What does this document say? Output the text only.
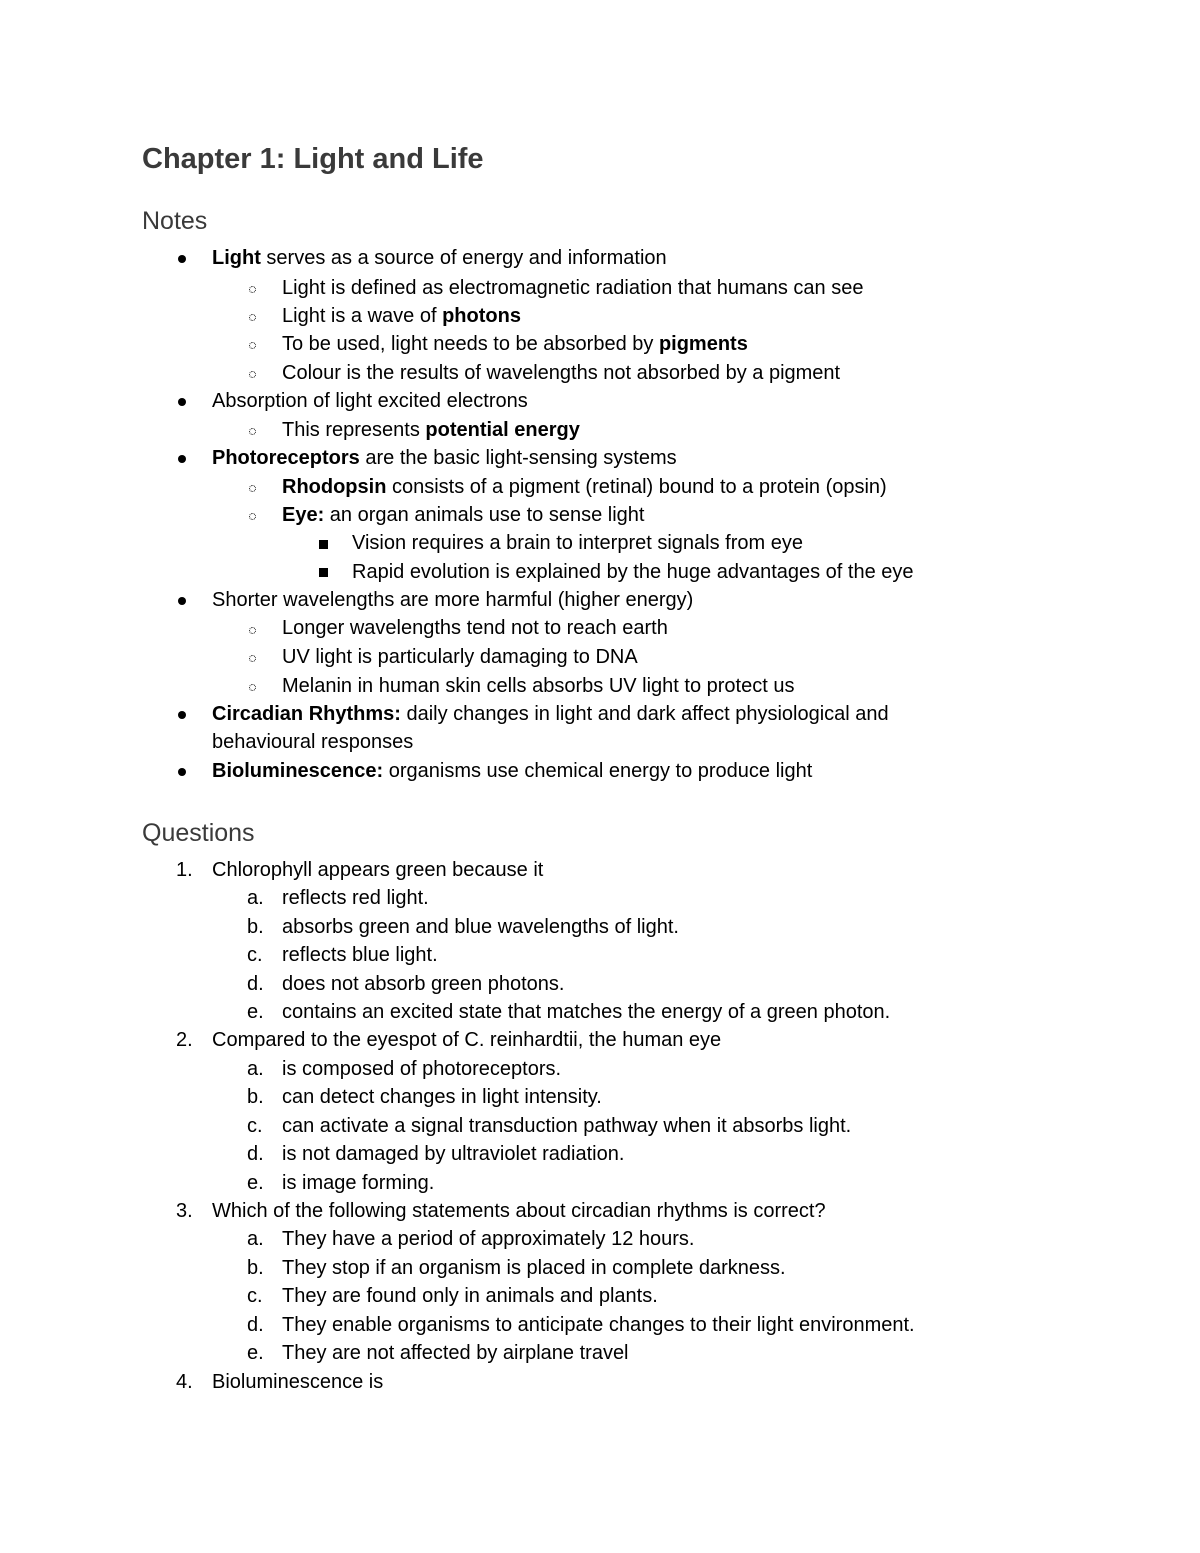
Chapter 1: Light and Life
Notes
Light serves as a source of energy and information
Light is defined as electromagnetic radiation that humans can see
Light is a wave of photons
To be used, light needs to be absorbed by pigments
Colour is the results of wavelengths not absorbed by a pigment
Absorption of light excited electrons
This represents potential energy
Photoreceptors are the basic light-sensing systems
Rhodopsin consists of a pigment (retinal) bound to a protein (opsin)
Eye: an organ animals use to sense light
Vision requires a brain to interpret signals from eye
Rapid evolution is explained by the huge advantages of the eye
Shorter wavelengths are more harmful (higher energy)
Longer wavelengths tend not to reach earth
UV light is particularly damaging to DNA
Melanin in human skin cells absorbs UV light to protect us
Circadian Rhythms: daily changes in light and dark affect physiological and
behavioural responses
Bioluminescence: organisms use chemical energy to produce light
Questions
1.
a.
b.
c.
d.
e.
2.
a.
b.
c.
d.
e.
3.
a.
b.
c.
d.
e.
4.
Chlorophyll appears green because it
reflects red light.
absorbs green and blue wavelengths of light.
reflects blue light.
does not absorb green photons.
contains an excited state that matches the energy of a green photon.
Compared to the eyespot of C. reinhardtii, the human eye
is composed of photoreceptors.
can detect changes in light intensity.
can activate a signal transduction pathway when it absorbs light.
is not damaged by ultraviolet radiation.
is image forming.
Which of the following statements about circadian rhythms is correct?
They have a period of approximately 12 hours.
They stop if an organism is placed in complete darkness.
They are found only in animals and plants.
They enable organisms to anticipate changes to their light environment.
They are not affected by airplane travel
Bioluminescence is
